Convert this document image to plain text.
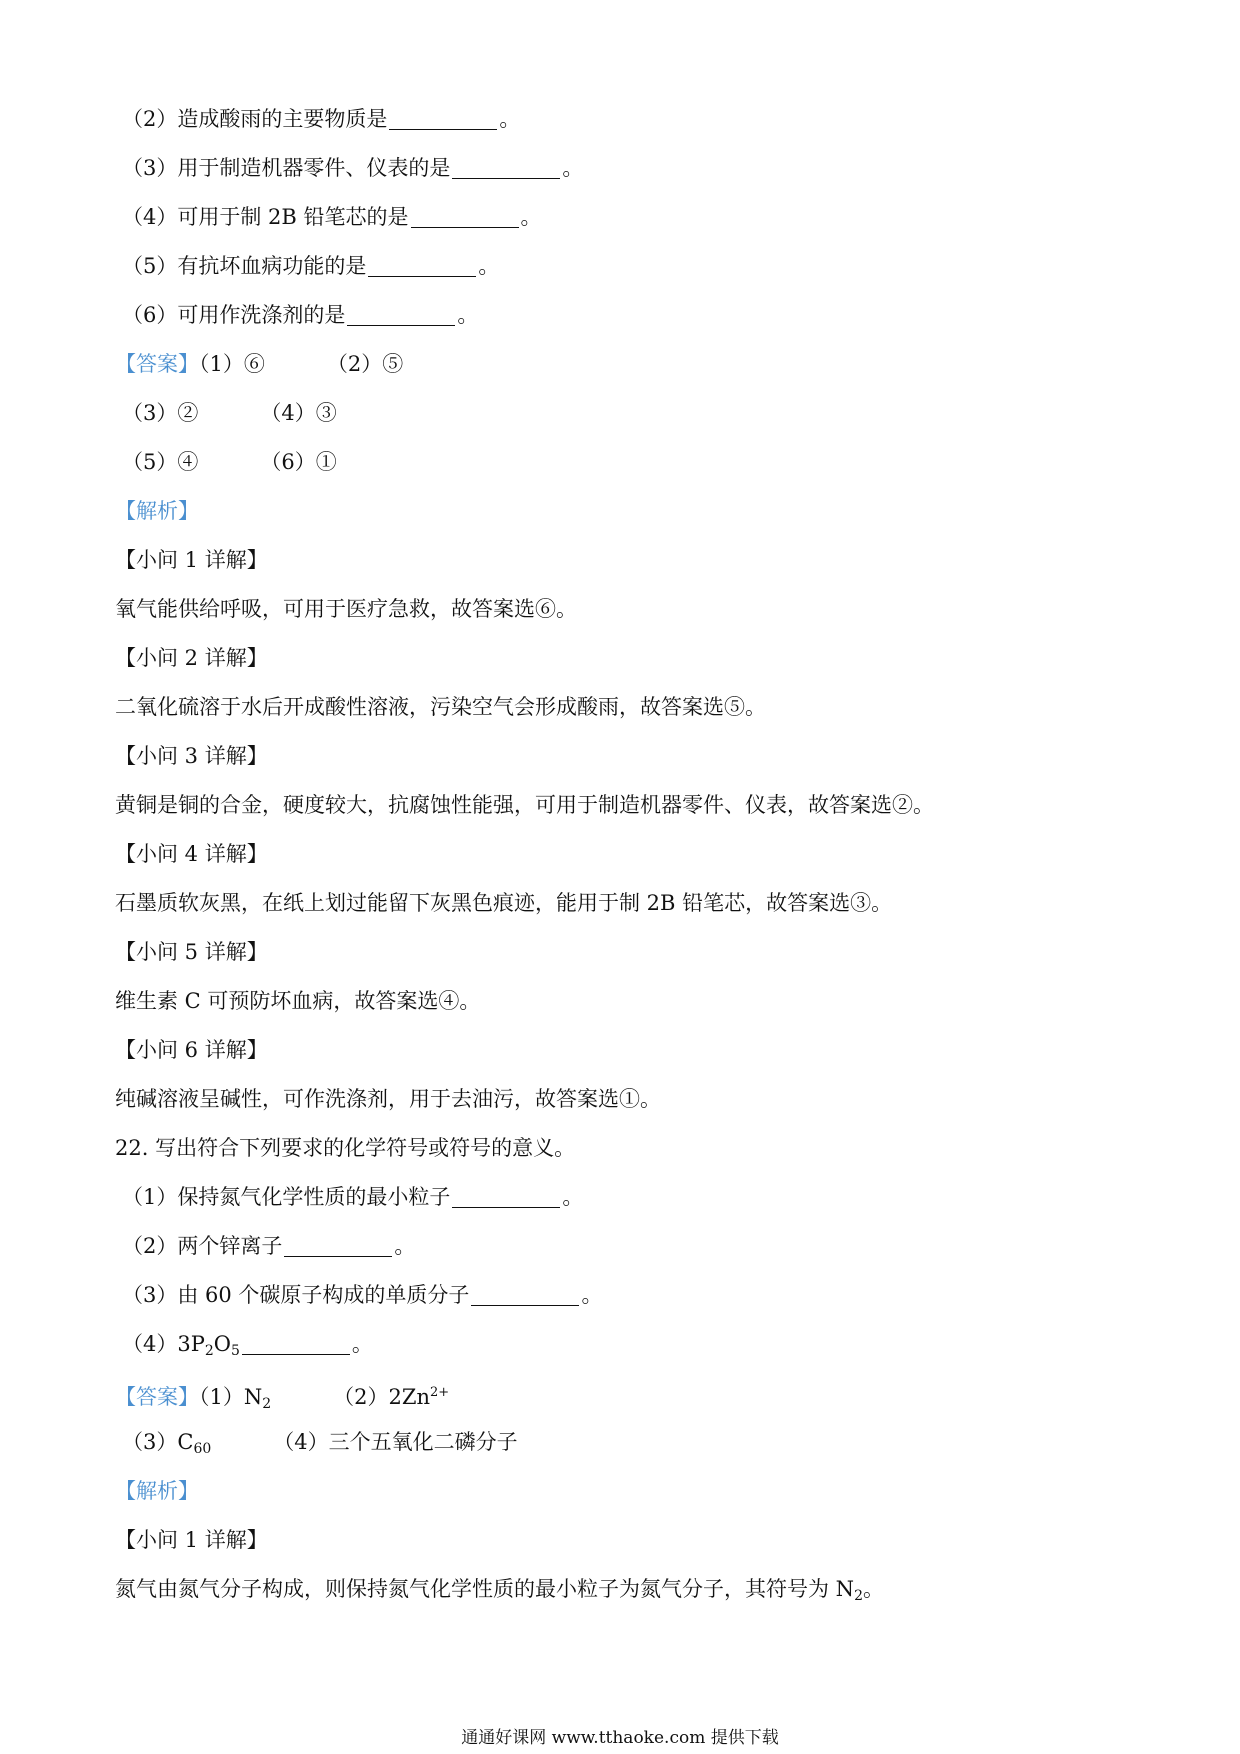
（2）造成酸雨的主要物质是	。
（3）用于制造机器零件、仪表的是	。
（4）可用于制 2B 铅笔芯的是	。
（5）有抗坏血病功能的是	。
（6）可用作洗涤剂的是	。
【答案】（1）⑥	（2）⑤
（3）②	（4）③
（5）④	（6）①
【解析】
【小问 1 详解】
氧气能供给呼吸，可用于医疗急救，故答案选⑥。
【小问 2 详解】
二氧化硫溶于水后开成酸性溶液，污染空气会形成酸雨，故答案选⑤。
【小问 3 详解】
黄铜是铜的合金，硬度较大，抗腐蚀性能强，可用于制造机器零件、仪表，故答案选②。
【小问 4 详解】
石墨质软灰黑，在纸上划过能留下灰黑色痕迹，能用于制 2B 铅笔芯，故答案选③。
【小问 5 详解】
维生素 C 可预防坏血病，故答案选④。
【小问 6 详解】
纯碱溶液呈碱性，可作洗涤剂，用于去油污，故答案选①。
22. 写出符合下列要求的化学符号或符号的意义。
（1）保持氮气化学性质的最小粒子	。
（2）两个锌离子	。
（3）由 60 个碳原子构成的单质分子	。
$(4)3P_2O_5$	。
【答案】$(1)N_2$	$(2)2Zn^{2+}$
$(3)C_{60}$	（4）三个五氧化二磷分子
【解析】
【小问 1 详解】
氮气由氮气分子构成，则保持氮气化学性质的最小粒子为氮气分子，其符号为 $N_2$。
通通好课网 www.tthaoke.com 提供下载
